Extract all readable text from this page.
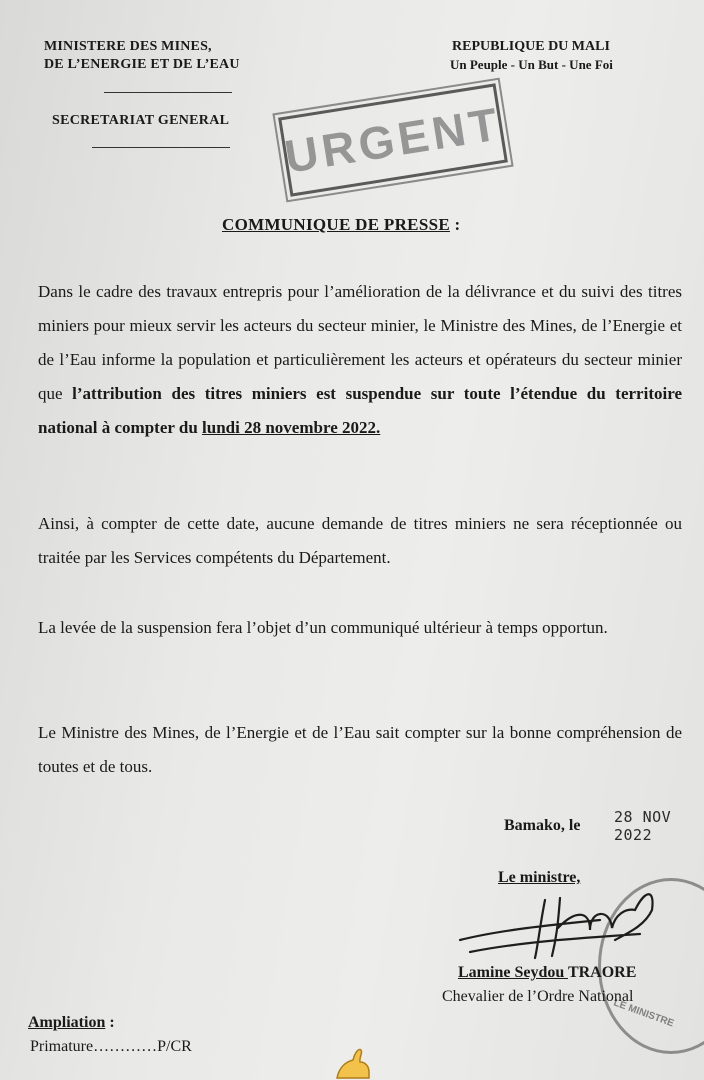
MINISTERE DES MINES,
DE L’ENERGIE ET DE L’EAU
SECRETARIAT GENERAL
REPUBLIQUE DU MALI
Un Peuple - Un But - Une Foi
URGENT
COMMUNIQUE DE PRESSE :
Dans le cadre des travaux entrepris pour l’amélioration de la délivrance et du suivi des titres miniers pour mieux servir les acteurs du secteur minier, le Ministre des Mines, de l’Energie et de l’Eau informe la population et particulièrement les acteurs et opérateurs du secteur minier que l’attribution des titres miniers est suspendue sur toute l’étendue du territoire national à compter du lundi 28 novembre 2022.
Ainsi, à compter de cette date, aucune demande de titres miniers ne sera réceptionnée ou traitée par les Services compétents du Département.
La levée de la suspension fera l’objet d’un communiqué ultérieur à temps opportun.
Le Ministre des Mines, de l’Energie et de l’Eau sait compter sur la bonne compréhension de toutes et de tous.
Bamako, le 28 NOV 2022
LE MINISTRE
Le ministre,
Lamine Seydou TRAORE
Chevalier de l’Ordre National
Ampliation :
Primature…………P/CR
